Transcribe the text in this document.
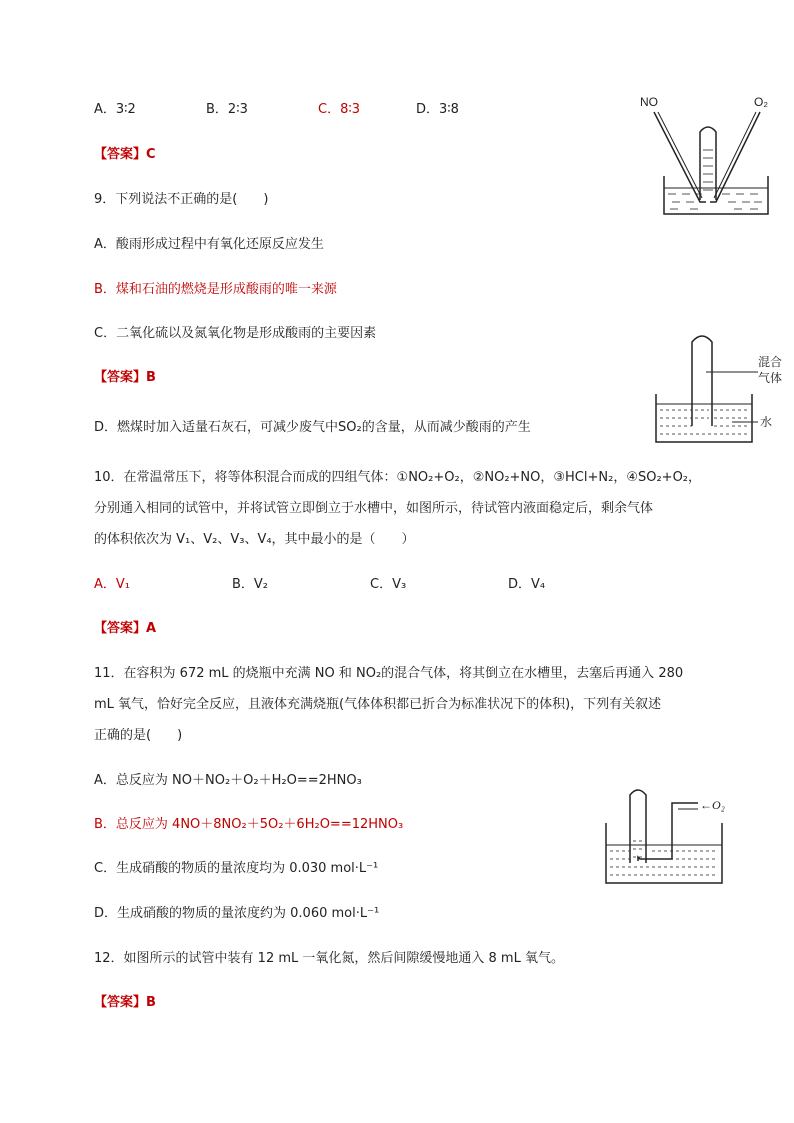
A．3∶2	B．2∶3	C．8∶3	D．3∶8
【答案】C
9．下列说法不正确的是(　　)
A．酸雨形成过程中有氧化还原反应发生
B．煤和石油的燃烧是形成酸雨的唯一来源
C．二氧化硫以及氮氧化物是形成酸雨的主要因素
【答案】B
D．燃煤时加入适量石灰石，可减少废气中SO₂的含量，从而减少酸雨的产生
10．在常温常压下，将等体积混合而成的四组气体：①NO₂+O₂，②NO₂+NO，③HCl+N₂，④SO₂+O₂，
分别通入相同的试管中，并将试管立即倒立于水槽中，如图所示，待试管内液面稳定后，剩余气体
的体积依次为 V₁、V₂、V₃、V₄，其中最小的是（　　）
A．V₁	B．V₂	C．V₃	D．V₄
【答案】A
11．在容积为 672 mL 的烧瓶中充满 NO 和 NO₂的混合气体，将其倒立在水槽里，去塞后再通入 280
mL 氧气，恰好完全反应，且液体充满烧瓶(气体体积都已折合为标准状况下的体积)，下列有关叙述
正确的是(　　)
A．总反应为 NO＋NO₂＋O₂＋H₂O==2HNO₃
B．总反应为 4NO＋8NO₂＋5O₂＋6H₂O==12HNO₃
C．生成硝酸的物质的量浓度均为 0.030 mol·L⁻¹
D．生成硝酸的物质的量浓度约为 0.060 mol·L⁻¹
12．如图所示的试管中装有 12 mL 一氧化氮，然后间隙缓慢地通入 8 mL 氧气。
【答案】B
NO	O₂
混合
气体
水
←O₂
